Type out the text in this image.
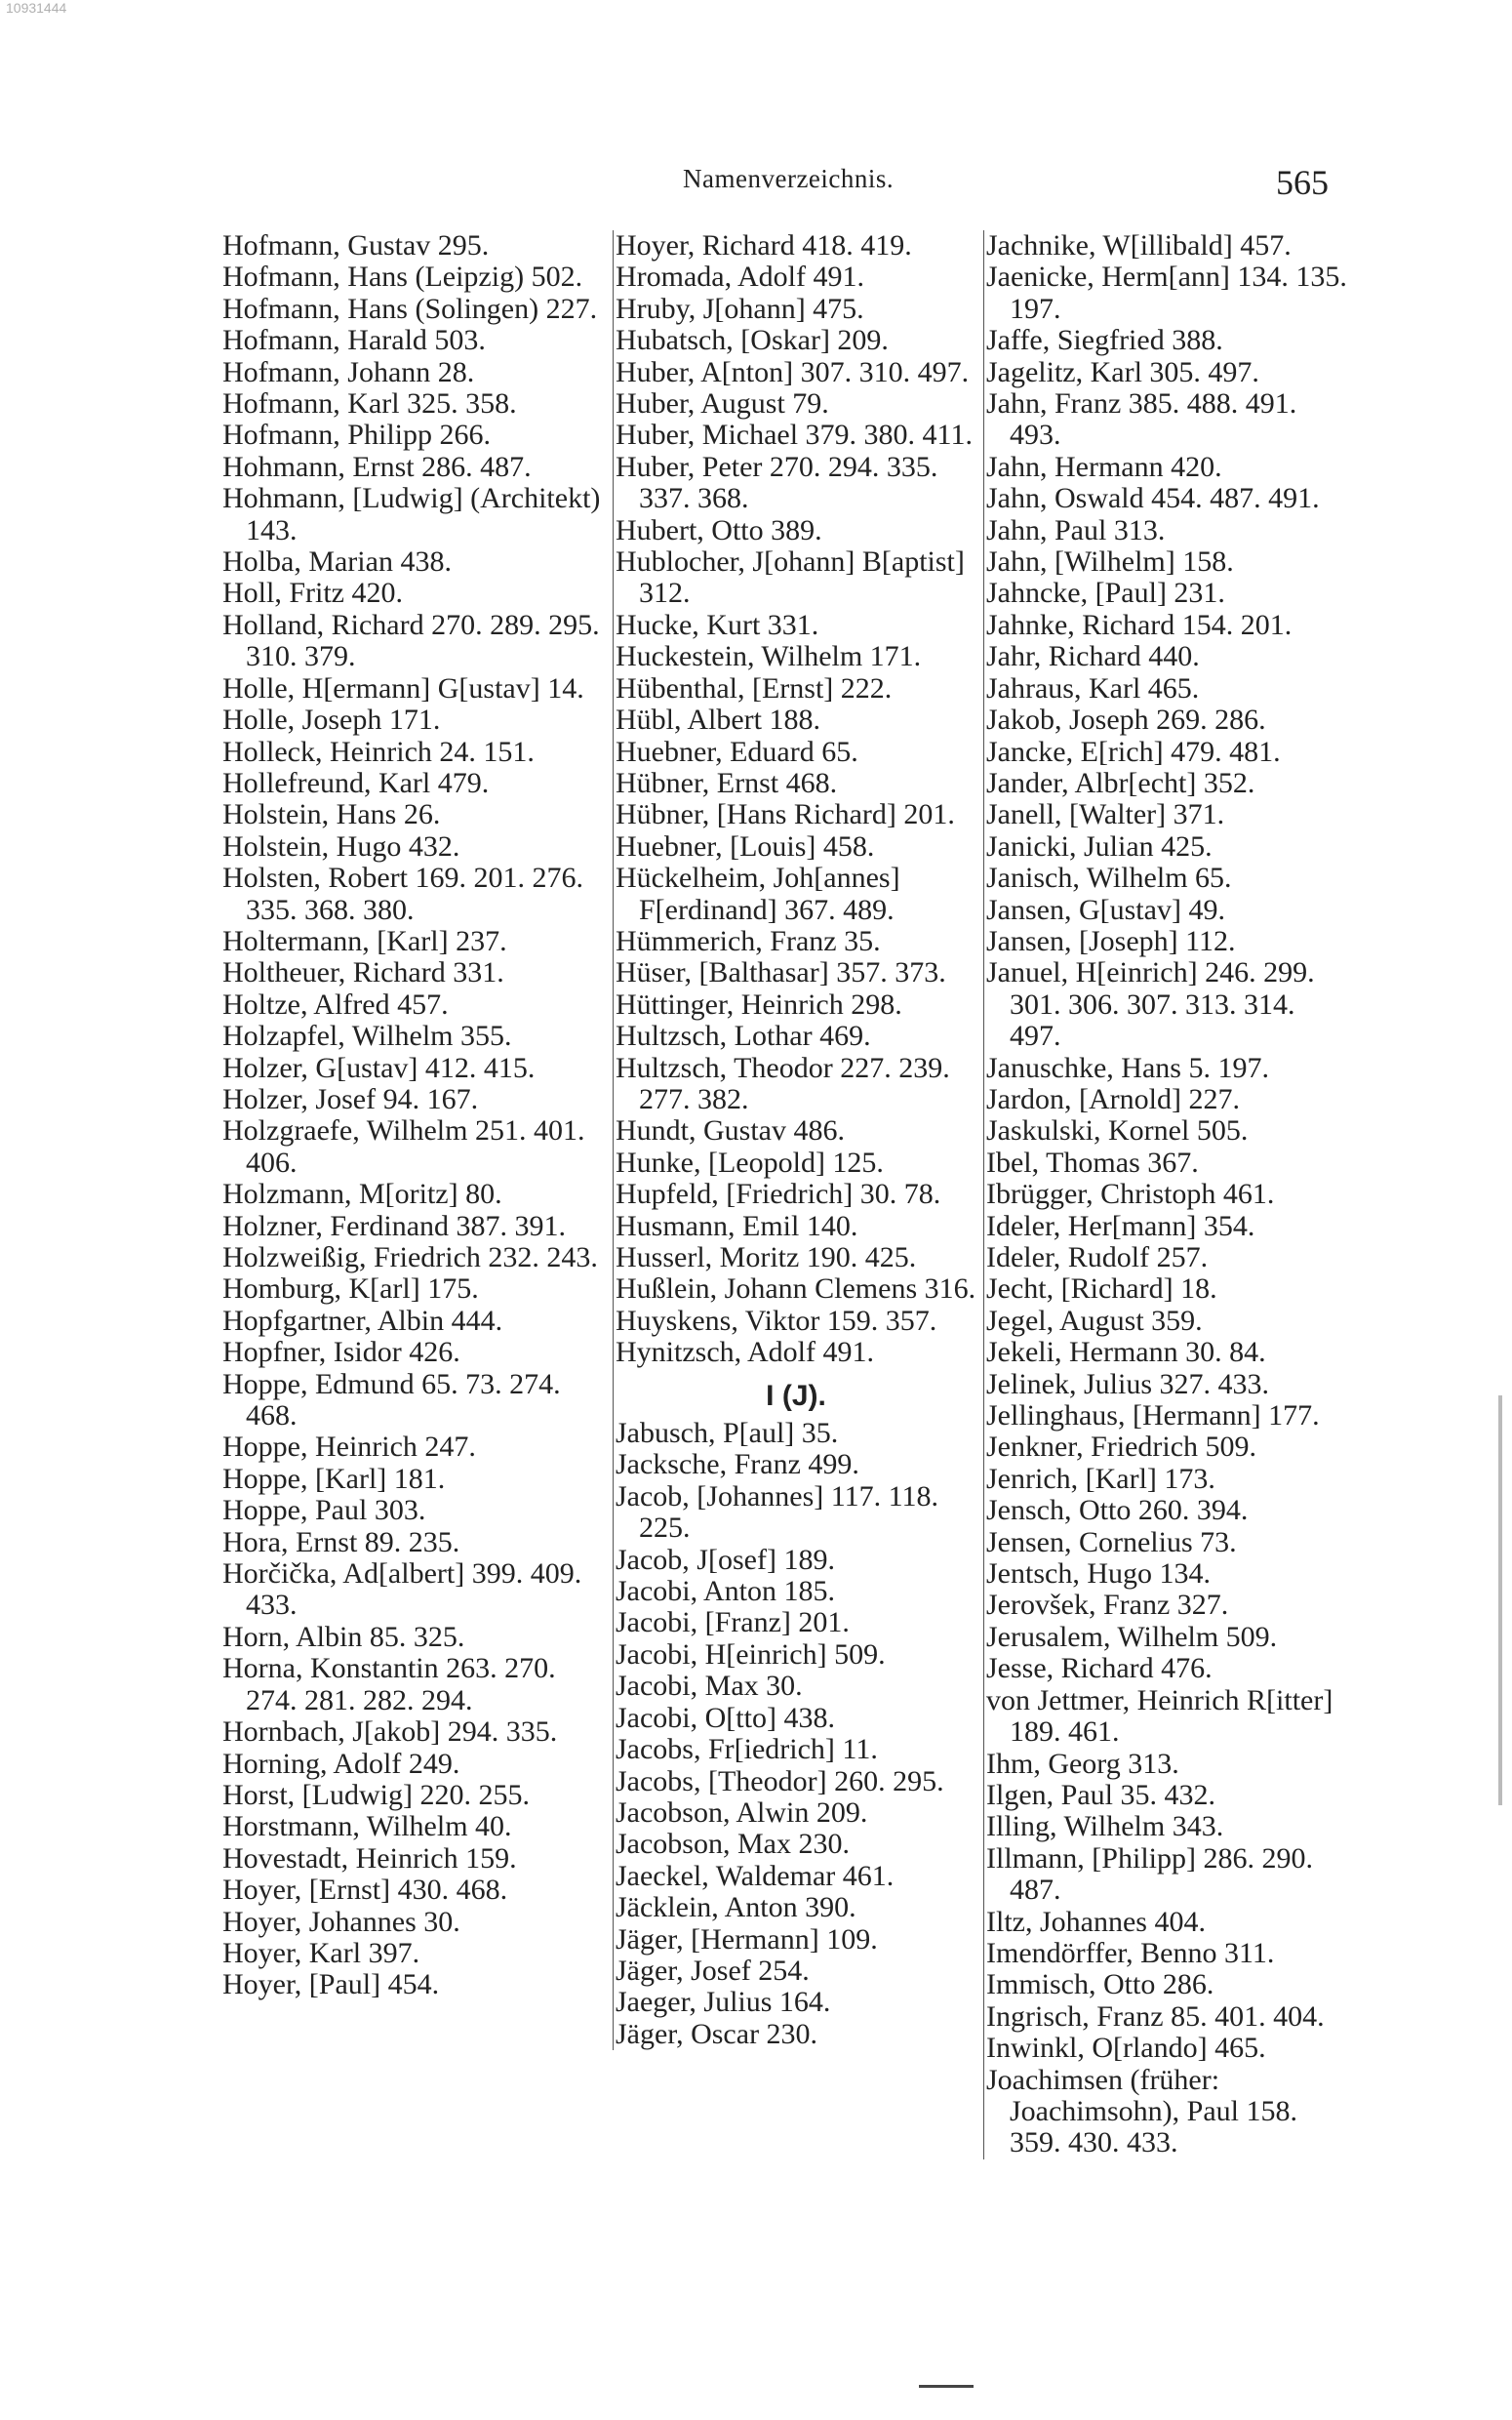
10931444
Namenverzeichnis.	565

Hofmann, Gustav 295.

Hofmann, Hans (Leipzig) 502.

Hofmann, Hans (Solingen) 227.

Hofmann, Harald 503.

Hofmann, Johann 28.

Hofmann, Karl 325. 358.

Hofmann, Philipp 266.

Hohmann, Ernst 286. 487.

Hohmann, [Ludwig] (Architekt) 143.

Holba, Marian 438.

Holl, Fritz 420.

Holland, Richard 270. 289. 295. 310. 379.

Holle, H[ermann] G[ustav] 14.

Holle, Joseph 171.

Holleck, Heinrich 24. 151.

Hollefreund, Karl 479.

Holstein, Hans 26.

Holstein, Hugo 432.

Holsten, Robert 169. 201. 276. 335. 368. 380.

Holtermann, [Karl] 237.

Holtheuer, Richard 331.

Holtze, Alfred 457.

Holzapfel, Wilhelm 355.

Holzer, G[ustav] 412. 415.

Holzer, Josef 94. 167.

Holzgraefe, Wilhelm 251. 401. 406.

Holzmann, M[oritz] 80.

Holzner, Ferdinand 387. 391.

Holzweißig, Friedrich 232. 243.

Homburg, K[arl] 175.

Hopfgartner, Albin 444.

Hopfner, Isidor 426.

Hoppe, Edmund 65. 73. 274. 468.

Hoppe, Heinrich 247.

Hoppe, [Karl] 181.

Hoppe, Paul 303.

Hora, Ernst 89. 235.

Horčička, Ad[albert] 399. 409. 433.

Horn, Albin 85. 325.

Horna, Konstantin 263. 270. 274. 281. 282. 294.

Hornbach, J[akob] 294. 335.

Horning, Adolf 249.

Horst, [Ludwig] 220. 255.

Horstmann, Wilhelm 40.

Hovestadt, Heinrich 159.

Hoyer, [Ernst] 430. 468.

Hoyer, Johannes 30.

Hoyer, Karl 397.

Hoyer, [Paul] 454.

Hoyer, Richard 418. 419.

Hromada, Adolf 491.

Hruby, J[ohann] 475.

Hubatsch, [Oskar] 209.

Huber, A[nton] 307. 310. 497.

Huber, August 79.

Huber, Michael 379. 380. 411.

Huber, Peter 270. 294. 335. 337. 368.

Hubert, Otto 389.

Hublocher, J[ohann] B[aptist] 312.

Hucke, Kurt 331.

Huckestein, Wilhelm 171.

Hübenthal, [Ernst] 222.

Hübl, Albert 188.

Huebner, Eduard 65.

Hübner, Ernst 468.

Hübner, [Hans Richard] 201.

Huebner, [Louis] 458.

Hückelheim, Joh[annes] F[erdinand] 367. 489.

Hümmerich, Franz 35.

Hüser, [Balthasar] 357. 373.

Hüttinger, Heinrich 298.

Hultzsch, Lothar 469.

Hultzsch, Theodor 227. 239. 277. 382.

Hundt, Gustav 486.

Hunke, [Leopold] 125.

Hupfeld, [Friedrich] 30. 78.

Husmann, Emil 140.

Husserl, Moritz 190. 425.

Hußlein, Johann Clemens 316.

Huyskens, Viktor 159. 357.

Hynitzsch, Adolf 491.

I (J).

Jabusch, P[aul] 35.

Jacksche, Franz 499.

Jacob, [Johannes] 117. 118. 225.

Jacob, J[osef] 189.

Jacobi, Anton 185.

Jacobi, [Franz] 201.

Jacobi, H[einrich] 509.

Jacobi, Max 30.

Jacobi, O[tto] 438.

Jacobs, Fr[iedrich] 11.

Jacobs, [Theodor] 260. 295.

Jacobson, Alwin 209.

Jacobson, Max 230.

Jaeckel, Waldemar 461.

Jäcklein, Anton 390.

Jäger, [Hermann] 109.

Jäger, Josef 254.

Jaeger, Julius 164.

Jäger, Oscar 230.

Jachnike, W[illibald] 457.

Jaenicke, Herm[ann] 134. 135. 197.

Jaffe, Siegfried 388.

Jagelitz, Karl 305. 497.

Jahn, Franz 385. 488. 491. 493.

Jahn, Hermann 420.

Jahn, Oswald 454. 487. 491.

Jahn, Paul 313.

Jahn, [Wilhelm] 158.

Jahncke, [Paul] 231.

Jahnke, Richard 154. 201.

Jahr, Richard 440.

Jahraus, Karl 465.

Jakob, Joseph 269. 286.

Jancke, E[rich] 479. 481.

Jander, Albr[echt] 352.

Janell, [Walter] 371.

Janicki, Julian 425.

Janisch, Wilhelm 65.

Jansen, G[ustav] 49.

Jansen, [Joseph] 112.

Januel, H[einrich] 246. 299. 301. 306. 307. 313. 314. 497.

Januschke, Hans 5. 197.

Jardon, [Arnold] 227.

Jaskulski, Kornel 505.

Ibel, Thomas 367.

Ibrügger, Christoph 461.

Ideler, Her[mann] 354.

Ideler, Rudolf 257.

Jecht, [Richard] 18.

Jegel, August 359.

Jekeli, Hermann 30. 84.

Jelinek, Julius 327. 433.

Jellinghaus, [Hermann] 177.

Jenkner, Friedrich 509.

Jenrich, [Karl] 173.

Jensch, Otto 260. 394.

Jensen, Cornelius 73.

Jentsch, Hugo 134.

Jerovšek, Franz 327.

Jerusalem, Wilhelm 509.

Jesse, Richard 476.

von Jettmer, Heinrich R[itter] 189. 461.

Ihm, Georg 313.

Ilgen, Paul 35. 432.

Illing, Wilhelm 343.

Illmann, [Philipp] 286. 290. 487.

Iltz, Johannes 404.

Imendörffer, Benno 311.

Immisch, Otto 286.

Ingrisch, Franz 85. 401. 404.

Inwinkl, O[rlando] 465.

Joachimsen (früher: Joachimsohn), Paul 158. 359. 430. 433.
